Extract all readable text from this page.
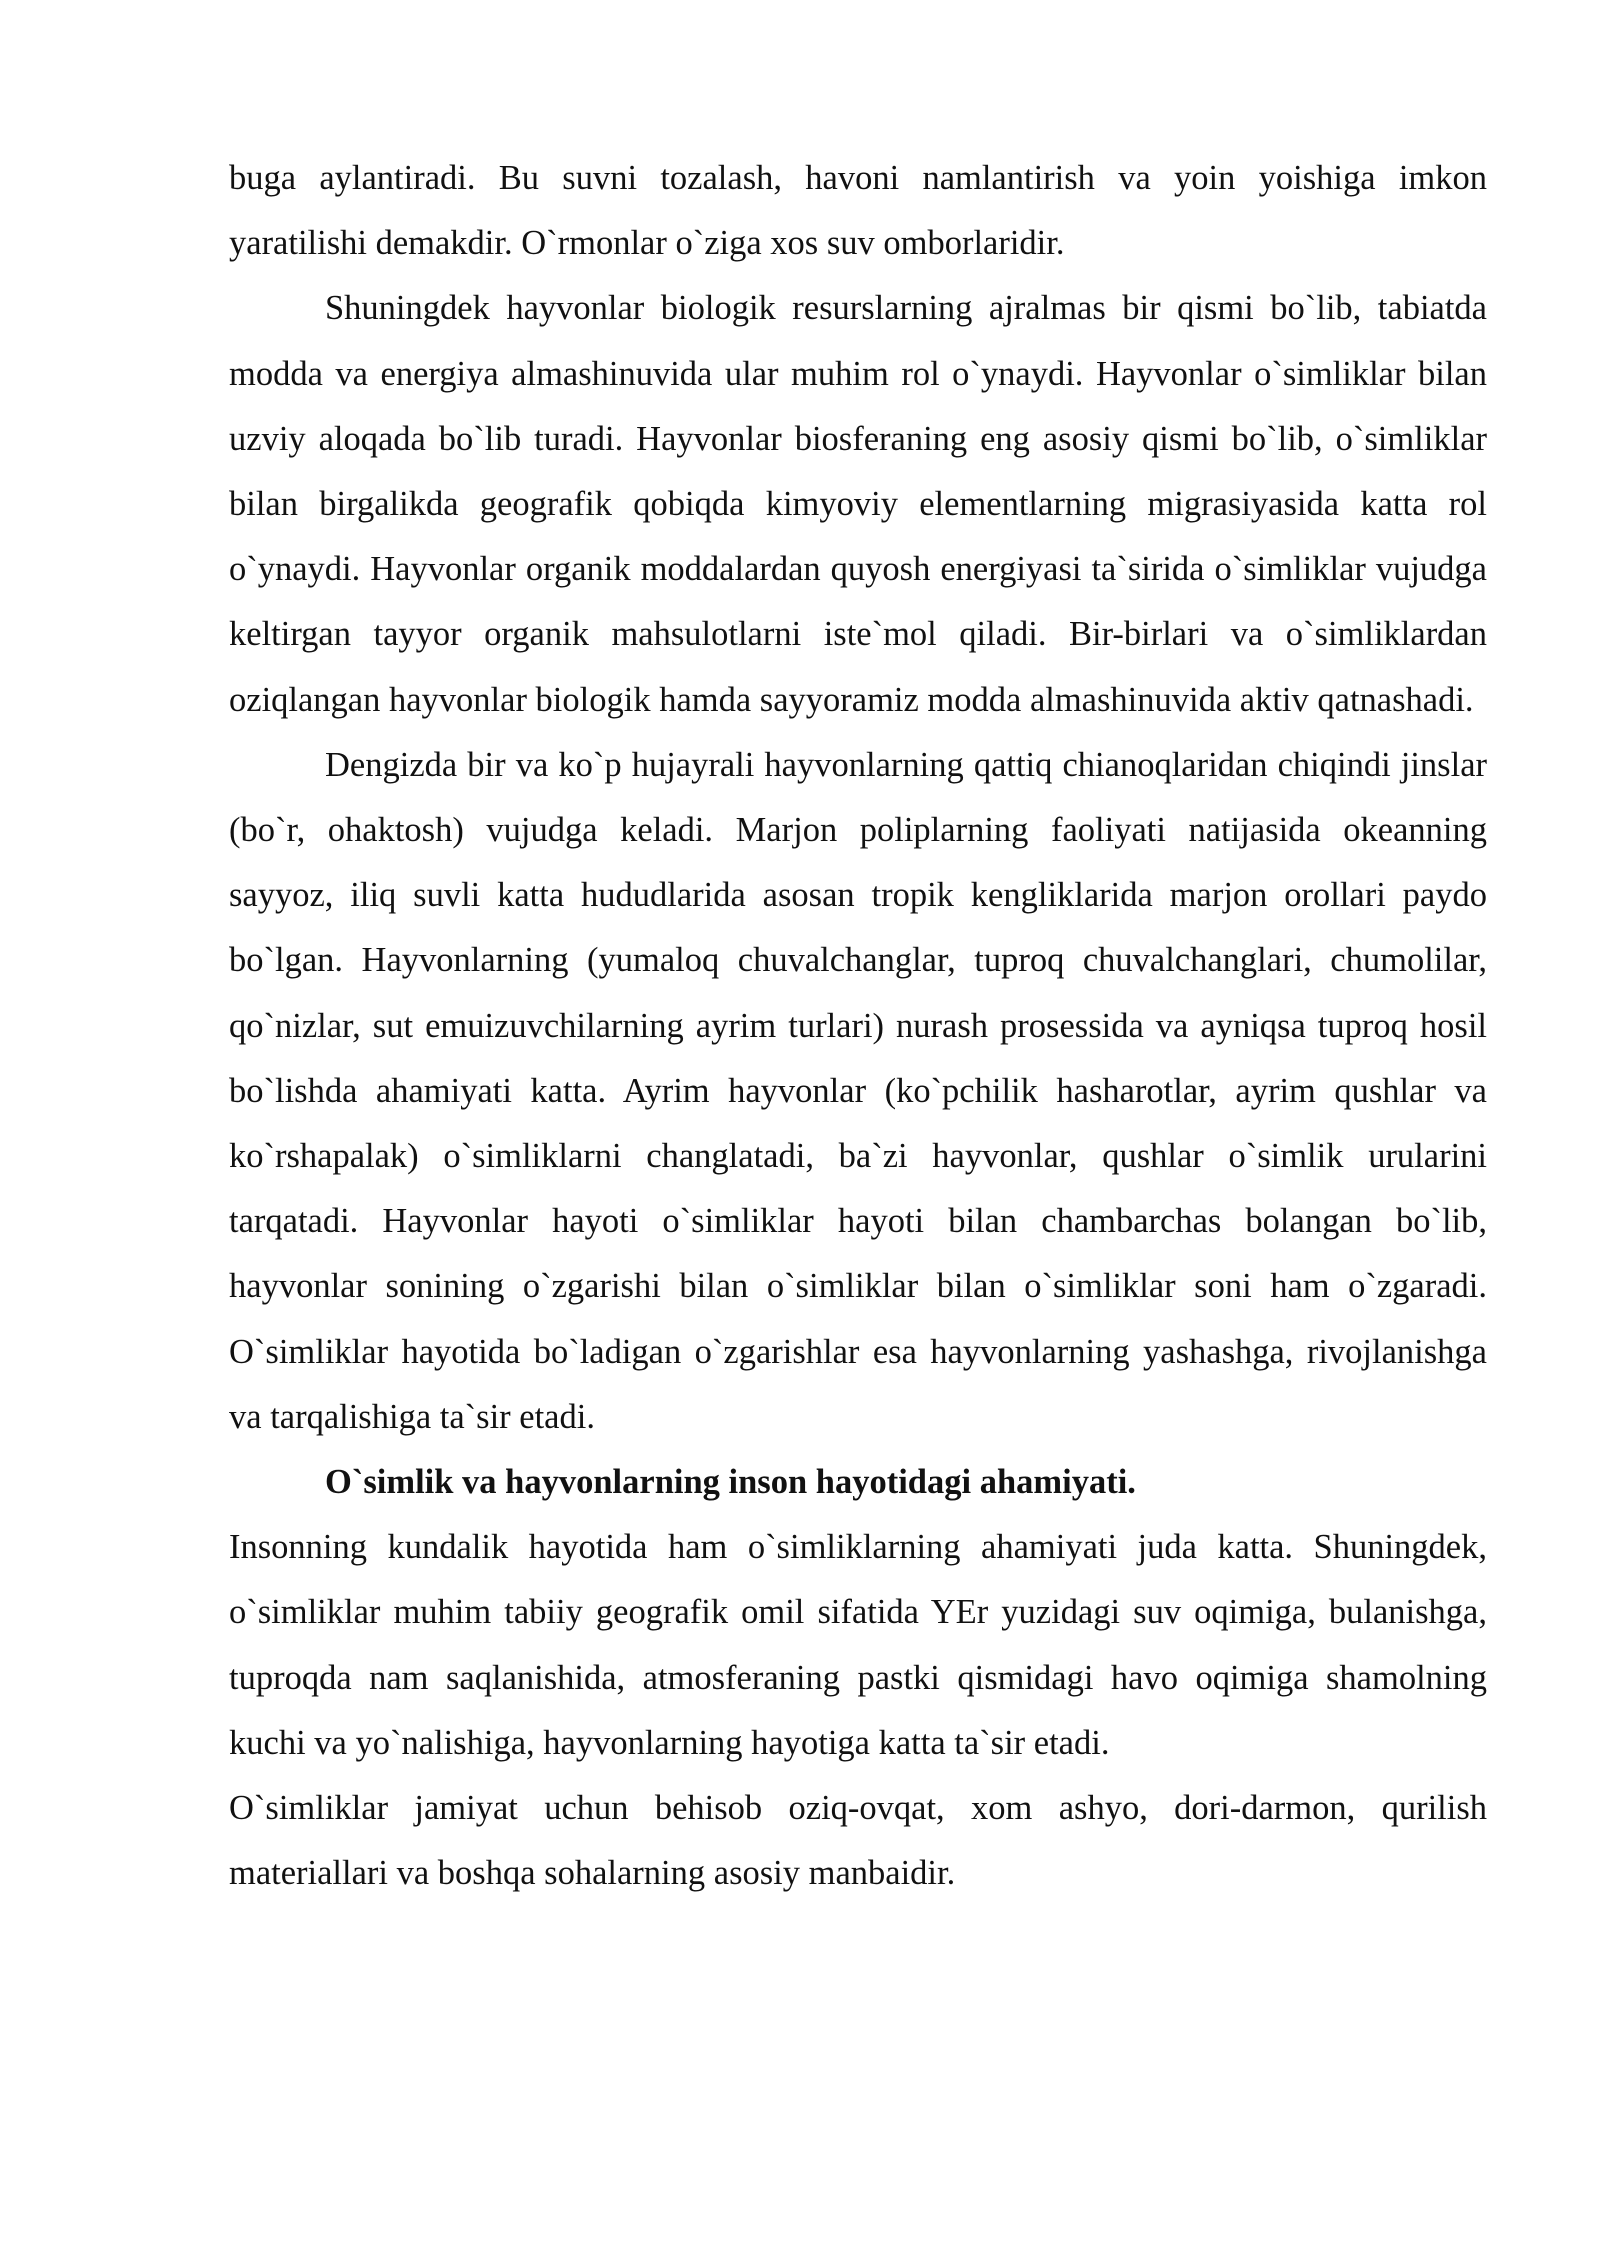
buga aylantiradi. Bu suvni tozalash, havoni namlantirish va yoin yoishiga imkon yaratilishi demakdir. O`rmonlar o`ziga xos suv omborlaridir.

Shuningdek hayvonlar biologik resurslarning ajralmas bir qismi bo`lib, tabiatda modda va energiya almashinuvida ular muhim rol o`ynaydi. Hayvonlar o`simliklar bilan uzviy aloqada bo`lib turadi. Hayvonlar biosferaning eng asosiy qismi bo`lib, o`simliklar bilan birgalikda geografik qobiqda kimyoviy elementlarning migrasiyasida katta rol o`ynaydi. Hayvonlar organik moddalardan quyosh energiyasi ta`sirida o`simliklar vujudga keltirgan tayyor organik mahsulotlarni iste`mol qiladi. Bir-birlari va o`simliklardan oziqlangan hayvonlar biologik hamda sayyoramiz modda almashinuvida aktiv qatnashadi.

Dengizda bir va ko`p hujayrali hayvonlarning qattiq chianoqlaridan chiqindi jinslar (bo`r, ohaktosh) vujudga keladi. Marjon poliplarning faoliyati natijasida okeanning sayyoz, iliq suvli katta hududlarida asosan tropik kengliklarida marjon orollari paydo bo`lgan. Hayvonlarning (yumaloq chuvalchanglar, tuproq chuvalchanglari, chumolilar, qo`nizlar, sut emuizuvchilarning ayrim turlari) nurash prosessida va ayniqsa tuproq hosil bo`lishda ahamiyati katta. Ayrim hayvonlar (ko`pchilik hasharotlar, ayrim qushlar va ko`rshapalak) o`simliklarni changlatadi, ba`zi hayvonlar, qushlar o`simlik urularini tarqatadi. Hayvonlar hayoti o`simliklar hayoti bilan chambarchas bolangan bo`lib, hayvonlar sonining o`zgarishi bilan o`simliklar bilan o`simliklar soni ham o`zgaradi. O`simliklar hayotida bo`ladigan o`zgarishlar esa hayvonlarning yashashga, rivojlanishga va tarqalishiga ta`sir etadi.

O`simlik va hayvonlarning inson hayotidagi ahamiyati.

Insonning kundalik hayotida ham o`simliklarning ahamiyati juda katta. Shuningdek, o`simliklar muhim tabiiy geografik omil sifatida YEr yuzidagi suv oqimiga, bulanishga, tuproqda nam saqlanishida, atmosferaning pastki qismidagi havo oqimiga shamolning kuchi va yo`nalishiga, hayvonlarning hayotiga katta ta`sir etadi.

O`simliklar jamiyat uchun behisob oziq-ovqat, xom ashyo, dori-darmon, qurilish materiallari va boshqa sohalarning asosiy manbaidir.
